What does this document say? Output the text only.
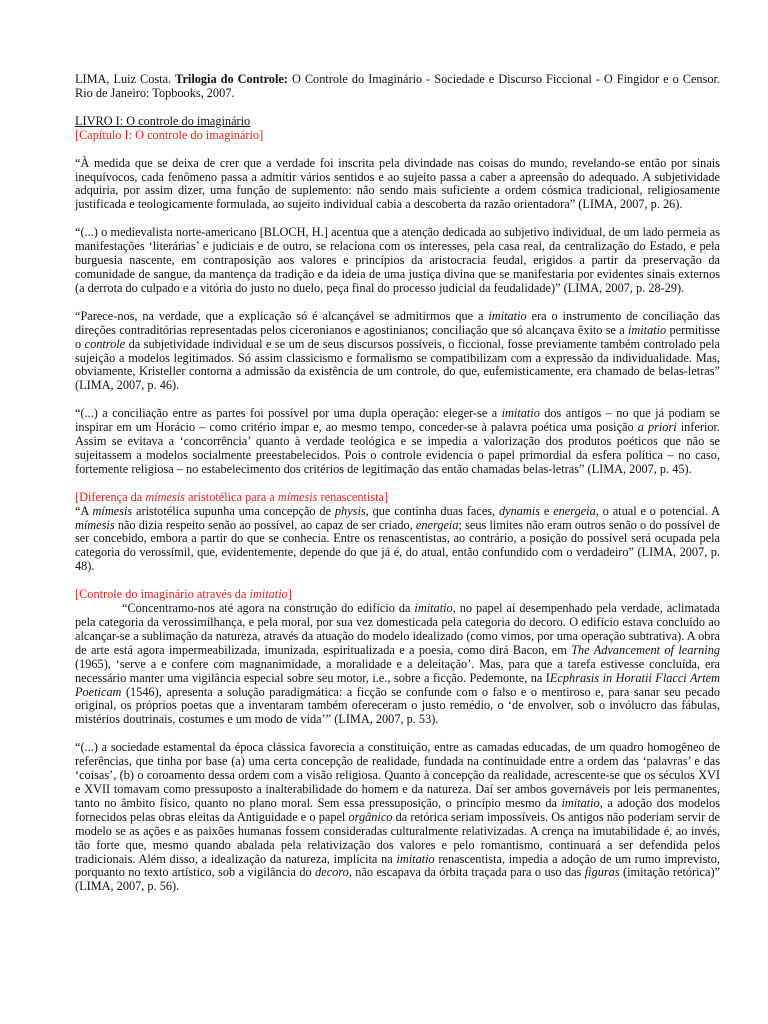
LIMA, Luiz Costa. Trilogia do Controle: O Controle do Imaginário - Sociedade e Discurso Ficcional - O Fingidor e o Censor. Rio de Janeiro: Topbooks, 2007.

LIVRO I: O controle do imaginário

[Capítulo I: O controle do imaginário]

“À medida que se deixa de crer que a verdade foi inscrita pela divindade nas coisas do mundo, revelando-se então por sinais inequívocos, cada fenômeno passa a admitir vários sentidos e ao sujeito passa a caber a apreensão do adequado. A subjetividade adquiria, por assim dizer, uma função de suplemento: não sendo mais suficiente a ordem cósmica tradicional, religiosamente justificada e teologicamente formulada, ao sujeito individual cabia a descoberta da razão orientadora” (LIMA, 2007, p. 26).

“(...) o medievalista norte-americano [BLOCH, H.] acentua que a atenção dedicada ao subjetivo individual, de um lado permeia as manifestações ‘literárias’ e judiciais e de outro, se relaciona com os interesses, pela casa real, da centralização do Estado, e pela burguesia nascente, em contraposição aos valores e princípios da aristocracia feudal, erigidos a partir da preservação da comunidade de sangue, da mantença da tradição e da ideia de uma justiça divina que se manifestaria por evidentes sinais externos (a derrota do culpado e a vitória do justo no duelo, peça final do processo judicial da feudalidade)” (LIMA, 2007, p. 28-29).

“Parece-nos, na verdade, que a explicação só é alcançável se admitirmos que a imitatio era o instrumento de conciliação das direções contraditórias representadas pelos ciceronianos e agostinianos; conciliação que só alcançava êxito se a imitatio permitisse o controle da subjetividade individual e se um de seus discursos possíveis, o ficcional, fosse previamente também controlado pela sujeição a modelos legitimados. Só assim classicismo e formalismo se compatibilizam com a expressão da individualidade. Mas, obviamente, Kristeller contorna a admissão da existência de um controle, do que, eufemisticamente, era chamado de belas-letras” (LIMA, 2007, p. 46).

“(...) a conciliação entre as partes foi possível por uma dupla operação: eleger-se a imitatio dos antigos – no que já podiam se inspirar em um Horácio – como critério ímpar e, ao mesmo tempo, conceder-se à palavra poética uma posição a priori inferior. Assim se evitava a ‘concorrência’ quanto à verdade teológica e se impedia a valorização dos produtos poéticos que não se sujeitassem a modelos socialmente preestabelecidos. Pois o controle evidencia o papel primordial da esfera política – no caso, fortemente religiosa – no estabelecimento dos critérios de legitimação das então chamadas belas-letras” (LIMA, 2007, p. 45).

[Diferença da mímesis aristotélica para a mímesis renascentista]

“A mímesis aristotélica supunha uma concepção de physis, que continha duas faces, dynamis e energeia, o atual e o potencial. A mímesis não dizia respeito senão ao possível, ao capaz de ser criado, energeia; seus limites não eram outros senão o do possível de ser concebido, embora a partir do que se conhecia. Entre os renascentistas, ao contrário, a posição do possível será ocupada pela categoria do verossímil, que, evidentemente, depende do que já é, do atual, então confundido com o verdadeiro” (LIMA, 2007, p. 48).

[Controle do imaginário através da imitatio]

“Concentramo-nos até agora na construção do edifício da imitatio, no papel aí desempenhado pela verdade, aclimatada pela categoria da verossimilhança, e pela moral, por sua vez domesticada pela categoria do decoro. O edifício estava concluído ao alcançar-se a sublimação da natureza, através da atuação do modelo idealizado (como vimos, por uma operação subtrativa). A obra de arte está agora impermeabilizada, imunizada, espiritualizada e a poesia, como dirá Bacon, em The Advancement of learning (1965), ‘serve a e confere com magnanimidade, a moralidade e a deleitação’. Mas, para que a tarefa estivesse concluída, era necessário manter uma vigilância especial sobre seu motor, i.e., sobre a ficção. Pedemonte, na IEcphrasis in Horatii Flacci Artem Poeticam (1546), apresenta a solução paradigmática: a ficção se confunde com o falso e o mentiroso e, para sanar seu pecado original, os próprios poetas que a inventaram também ofereceram o justo remédio, o ‘de envolver, sob o invólucro das fábulas, mistérios doutrinais, costumes e um modo de vida’” (LIMA, 2007, p. 53).

“(...) a sociedade estamental da época clássica favorecia a constituição, entre as camadas educadas, de um quadro homogêneo de referências, que tinha por base (a) uma certa concepção de realidade, fundada na continuidade entre a ordem das ‘palavras’ e das ‘coisas’, (b) o coroamento dessa ordem com a visão religiosa. Quanto à concepção da realidade, acrescente-se que os séculos XVI e XVII tomavam como pressuposto a inalterabilidade do homem e da natureza. Daí ser ambos governáveis por leis permanentes, tanto no âmbito físico, quanto no plano moral. Sem essa pressuposição, o princípio mesmo da imitatio, a adoção dos modelos fornecidos pelas obras eleitas da Antiguidade e o papel orgânico da retórica seriam impossíveis. Os antigos não poderiam servir de modelo se as ações e as paixões humanas fossem consideradas culturalmente relativizadas. A crença na imutabilidade é, ao invés, tão forte que, mesmo quando abalada pela relativização dos valores e pelo romantismo, continuará a ser defendida pelos tradicionais. Além disso, a idealização da natureza, implícita na imitatio renascentista, impedia a adoção de um rumo imprevisto, porquanto no texto artístico, sob a vigilância do decoro, não escapava da órbita traçada para o uso das figuras (imitação retórica)” (LIMA, 2007, p. 56).
